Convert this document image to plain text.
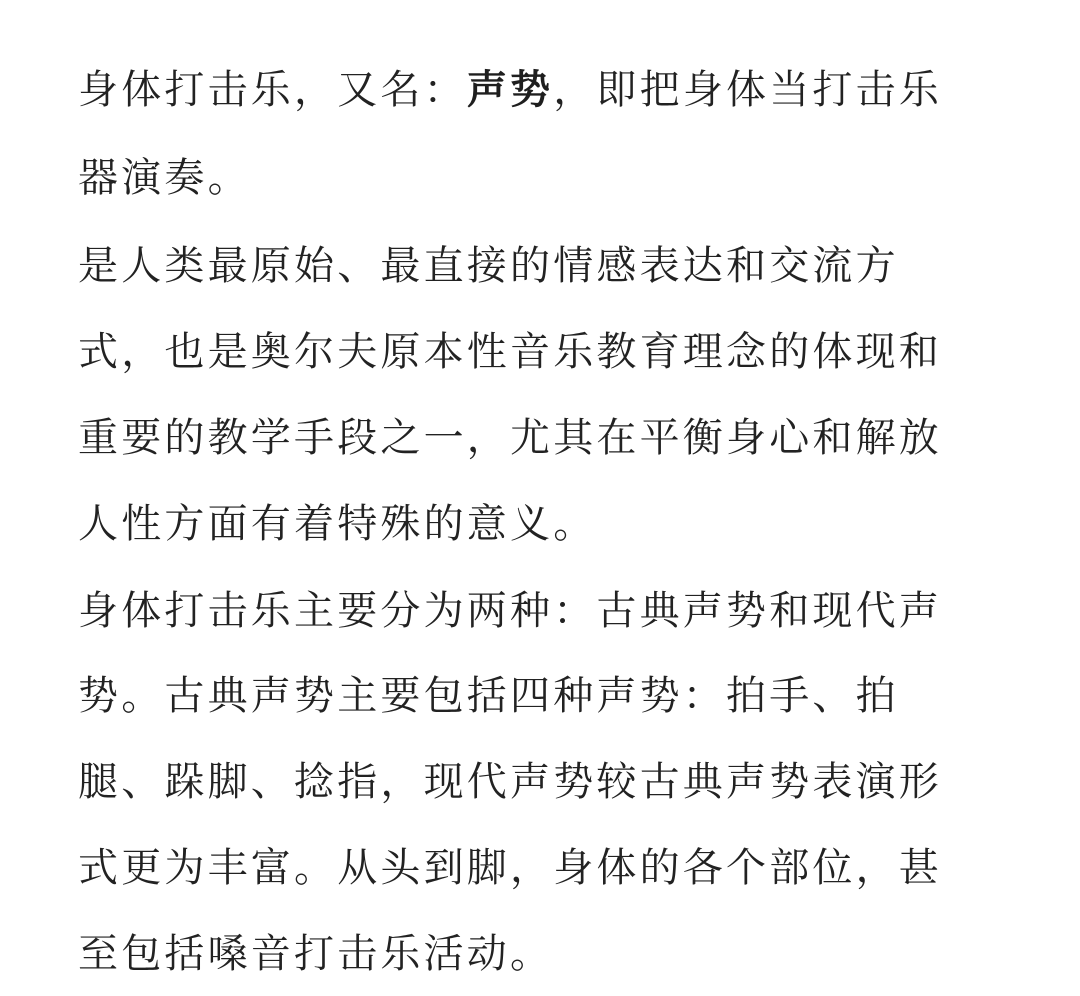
身体打击乐，又名：声势，即把身体当打击乐
器演奏。
是人类最原始、最直接的情感表达和交流方
式，也是奥尔夫原本性音乐教育理念的体现和
重要的教学手段之一，尤其在平衡身心和解放
人性方面有着特殊的意义。
身体打击乐主要分为两种：古典声势和现代声
势。古典声势主要包括四种声势：拍手、拍
腿、跺脚、捻指，现代声势较古典声势表演形
式更为丰富。从头到脚，身体的各个部位，甚
至包括嗓音打击乐活动。
